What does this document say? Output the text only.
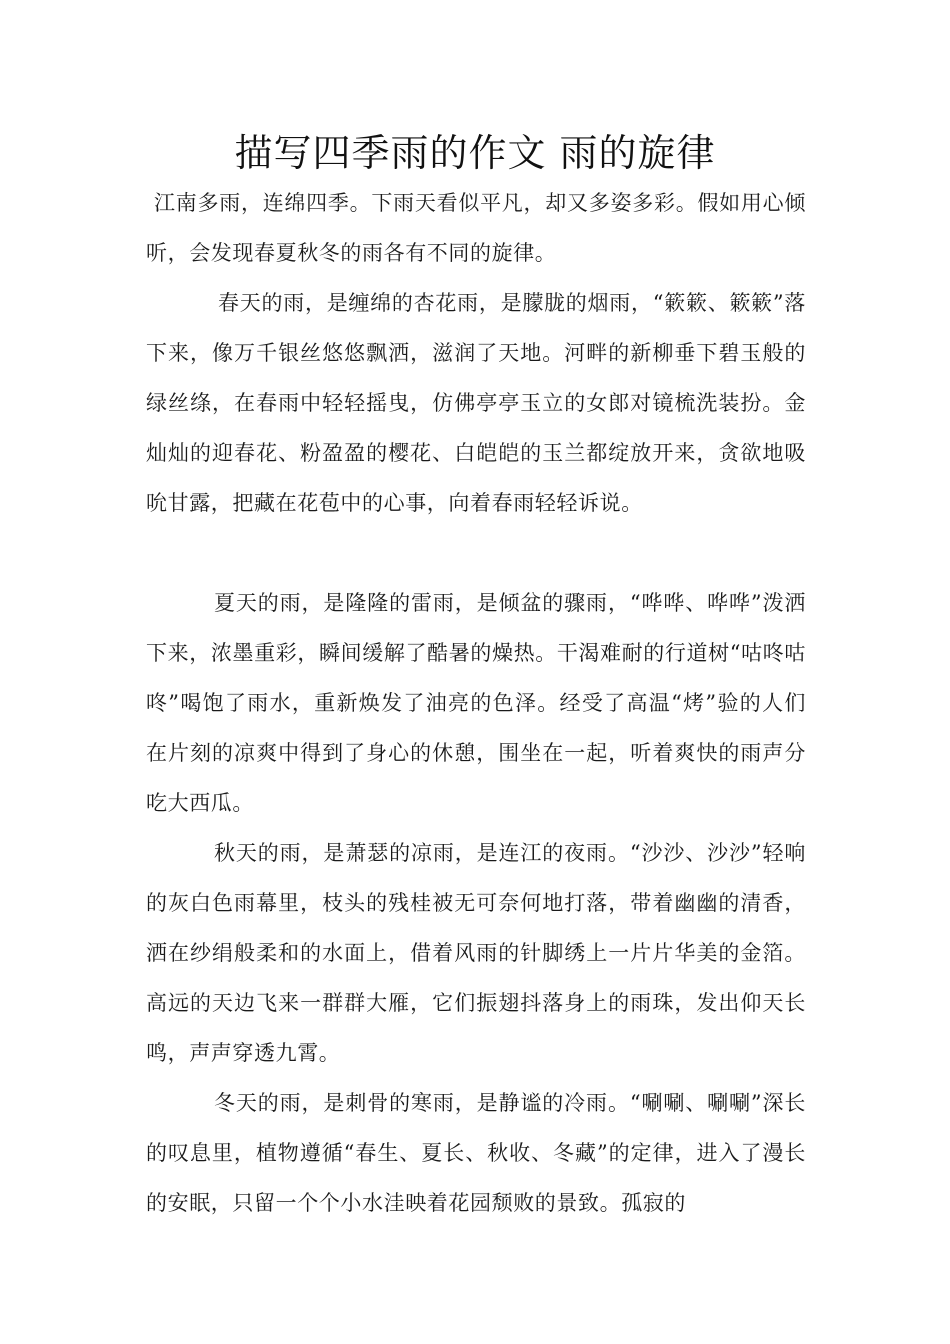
描写四季雨的作文 雨的旋律

江南多雨，连绵四季。下雨天看似平凡，却又多姿多彩。假如用心倾听，会发现春夏秋冬的雨各有不同的旋律。

春天的雨，是缠绵的杏花雨，是朦胧的烟雨，“簌簌、簌簌”落下来，像万千银丝悠悠飘洒，滋润了天地。河畔的新柳垂下碧玉般的绿丝绦，在春雨中轻轻摇曳，仿佛亭亭玉立的女郎对镜梳洗装扮。金灿灿的迎春花、粉盈盈的樱花、白皑皑的玉兰都绽放开来，贪欲地吸吮甘露，把藏在花苞中的心事，向着春雨轻轻诉说。

夏天的雨，是隆隆的雷雨，是倾盆的骤雨，“哗哗、哗哗”泼洒下来，浓墨重彩，瞬间缓解了酷暑的燥热。干渴难耐的行道树“咕咚咕咚”喝饱了雨水，重新焕发了油亮的色泽。经受了高温“烤”验的人们在片刻的凉爽中得到了身心的休憩，围坐在一起，听着爽快的雨声分吃大西瓜。

秋天的雨，是萧瑟的凉雨，是连江的夜雨。“沙沙、沙沙”轻响的灰白色雨幕里，枝头的残桂被无可奈何地打落，带着幽幽的清香，洒在纱绢般柔和的水面上，借着风雨的针脚绣上一片片华美的金箔。高远的天边飞来一群群大雁，它们振翅抖落身上的雨珠，发出仰天长鸣，声声穿透九霄。

冬天的雨，是刺骨的寒雨，是静谧的冷雨。“唰唰、唰唰”深长的叹息里，植物遵循“春生、夏长、秋收、冬藏”的定律，进入了漫长的安眠，只留一个个小水洼映着花园颓败的景致。孤寂的
